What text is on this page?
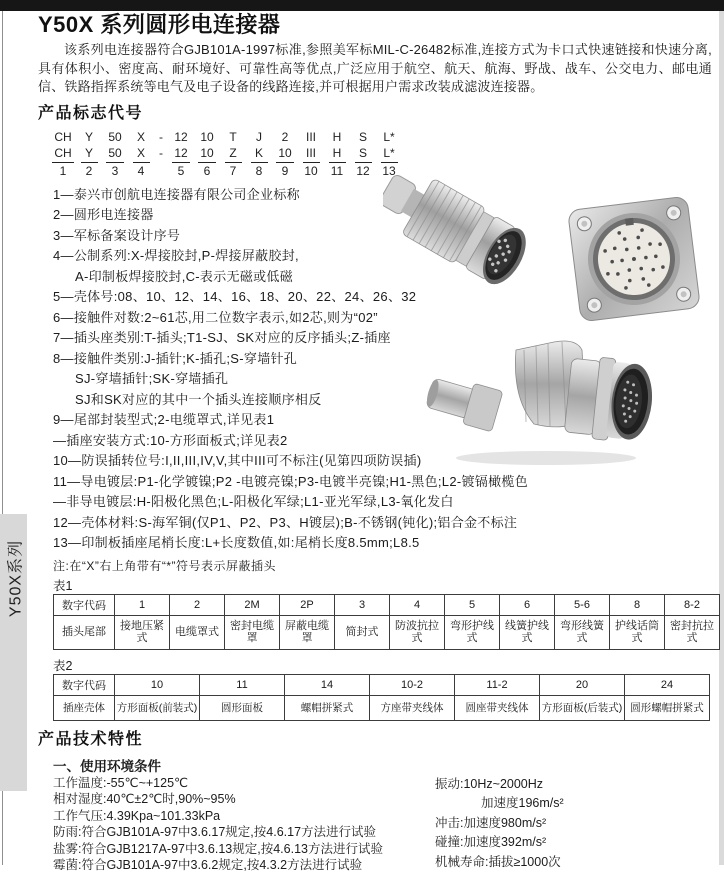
Y50X系列
Y50X 系列圆形电连接器

该系列电连接器符合GJB101A-1997标准,参照美军标MIL-C-26482标准,连接方式为卡口式快速链接和快速分离,具有体积小、密度高、耐环境好、可靠性高等优点,广泛应用于航空、航天、航海、野战、战车、公交电力、邮电通信、铁路指挥系统等电气及电子设备的线路连接,并可根据用户需求改装成滤波连接器。

产品标志代号
CH
CH
1
Y
Y
2
50
50
3
X
X
4
-
-
12
12
5
10
10
6
T
Z
7
J
K
8
2
10
9
III
III
10
H
H
11
S
S
12
L*
L*
13
1—泰兴市创航电连接器有限公司企业标称
2—圆形电连接器
3—军标备案设计序号
4—公制系列:X-焊接胶封,P-焊接屏蔽胶封,
A-印制板焊接胶封,C-表示无磁或低磁
5—壳体号:08、10、12、14、16、18、20、22、24、26、32
6—接触件对数:2~61芯,用二位数字表示,如2芯,则为“02”
7—插头座类别:T-插头;T1-SJ、SK对应的反序插头;Z-插座
8—接触件类别:J-插针;K-插孔;S-穿墙针孔
SJ-穿墙插针;SK-穿墙插孔
SJ和SK对应的其中一个插头连接顺序相反
9—尾部封装型式;2-电缆罩式,详见表1
—插座安装方式:10-方形面板式;详见表2
10—防误插转位号:I,II,III,IV,V,其中III可不标注(见第四项防误插)
11—导电镀层:P1-化学镀镍;P2 -电镀亮镍;P3-电镀半亮镍;H1-黑色;L2-镀镉橄榄色
—非导电镀层:H-阳极化黑色;L-阳极化军绿;L1-亚光军绿,L3-氧化发白
12—壳体材料:S-海军铜(仅P1、P2、P3、H镀层);B-不锈钢(钝化);铝合金不标注
13—印制板插座尾梢长度:L+长度数值,如:尾梢长度8.5mm;L8.5
注:在“X”右上角带有“*”符号表示屏蔽插头
表1
数字代码
插头尾部
1
接地压紧式
2
电缆罩式
2M
密封电缆罩
2P
屏蔽电缆罩
3
简封式
4
防波抗拉式
5
弯形护线式
6
线簧护线式
5-6
弯形线簧式
8
护线话筒式
8-2
密封抗拉式
表2
数字代码
插座壳体
10
方形面板(前装式)
11
圆形面板
14
螺帽拼紧式
10-2
方座带夹线体
11-2
圆座带夹线体
20
方形面板(后装式)
24
圆形螺帽拼紧式
产品技术特性
一、使用环境条件
工作温度:-55℃~+125℃
相对湿度:40℃±2℃时,90%~95%
工作气压:4.39Kpa~101.33kPa
防雨:符合GJB101A-97中3.6.17规定,按4.6.17方法进行试验
盐雾:符合GJB1217A-97中3.6.13规定,按4.6.13方法进行试验
霉菌:符合GJB101A-97中3.6.2规定,按4.3.2方法进行试验
振动:10Hz~2000Hz
加速度196m/s²
冲击:加速度980m/s²
碰撞:加速度392m/s²
机械寿命:插拔≥1000次
